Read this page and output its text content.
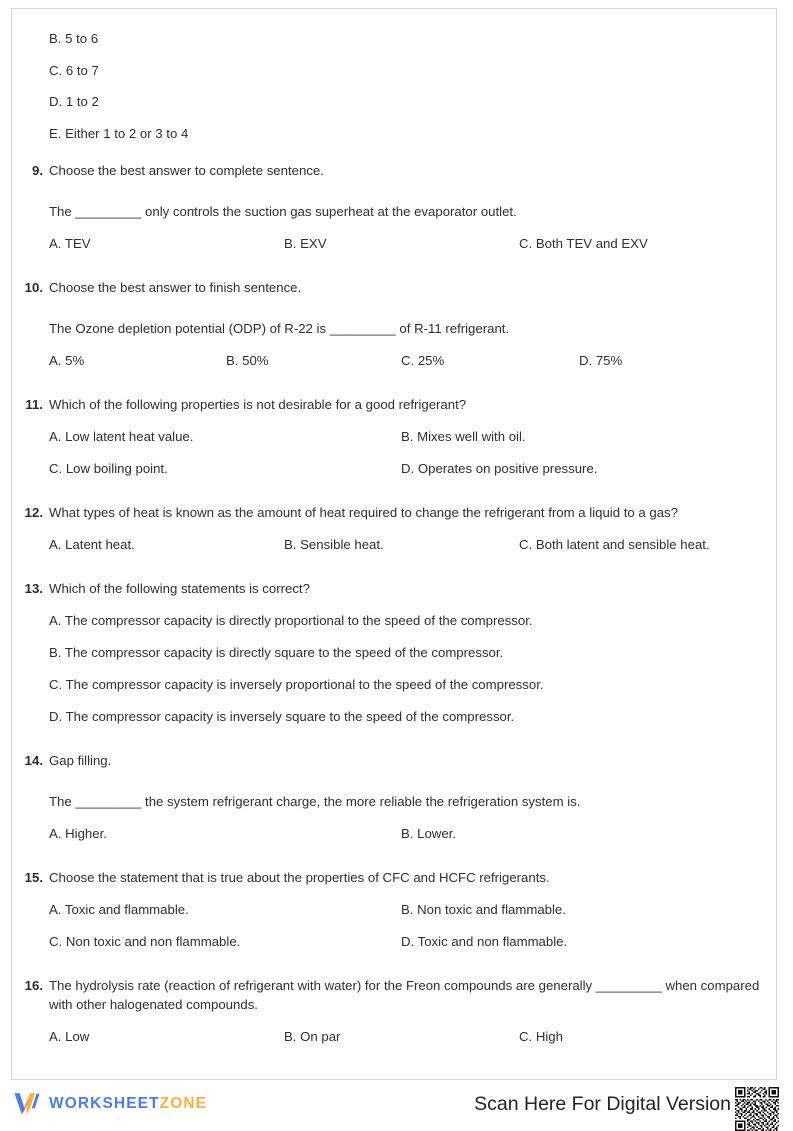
B. 5 to 6
C. 6 to 7
D. 1 to 2
E. Either 1 to 2 or 3 to 4
9. Choose the best answer to complete sentence.
The _________ only controls the suction gas superheat at the evaporator outlet.
A. TEV	B. EXV	C. Both TEV and EXV
10. Choose the best answer to finish sentence.
The Ozone depletion potential (ODP) of R-22 is _________ of R-11 refrigerant.
A. 5%	B. 50%	C. 25%	D. 75%
11. Which of the following properties is not desirable for a good refrigerant?
A. Low latent heat value.	B. Mixes well with oil.
C. Low boiling point.	D. Operates on positive pressure.
12. What types of heat is known as the amount of heat required to change the refrigerant from a liquid to a gas?
A. Latent heat.	B. Sensible heat.	C. Both latent and sensible heat.
13. Which of the following statements is correct?
A. The compressor capacity is directly proportional to the speed of the compressor.
B. The compressor capacity is directly square to the speed of the compressor.
C. The compressor capacity is inversely proportional to the speed of the compressor.
D. The compressor capacity is inversely square to the speed of the compressor.
14. Gap filling.
The _________ the system refrigerant charge, the more reliable the refrigeration system is.
A. Higher.	B. Lower.
15. Choose the statement that is true about the properties of CFC and HCFC refrigerants.
A. Toxic and flammable.	B. Non toxic and flammable.
C. Non toxic and non flammable.	D. Toxic and non flammable.
16. The hydrolysis rate (reaction of refrigerant with water) for the Freon compounds are generally _________ when compared with other halogenated compounds.
A. Low	B. On par	C. High
WORKSHEETZONE	Scan Here For Digital Version
